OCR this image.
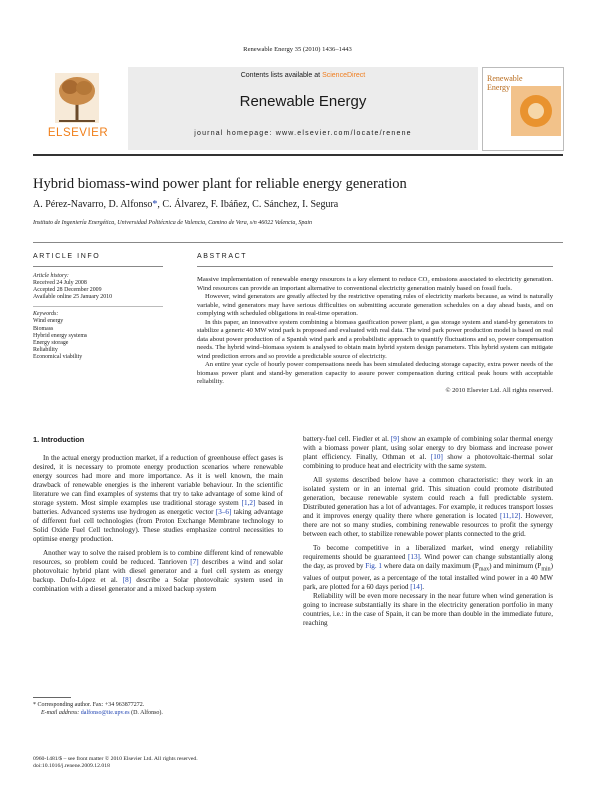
Renewable Energy 35 (2010) 1436–1443
ELSEVIER
Contents lists available at ScienceDirect
Renewable Energy
journal homepage: www.elsevier.com/locate/renene
Renewable
Energy
Hybrid biomass-wind power plant for reliable energy generation
A. Pérez-Navarro, D. Alfonso*, C. Álvarez, F. Ibáñez, C. Sánchez, I. Segura
Instituto de Ingeniería Energética, Universidad Politécnica de Valencia, Camino de Vera, s/n 46022 Valencia, Spain
ARTICLE INFO
Article history:
Received 24 July 2008
Accepted 28 December 2009
Available online 25 January 2010
Keywords:
Wind energy
Biomass
Hybrid energy systems
Energy storage
Reliability
Economical viability
ABSTRACT

Massive implementation of renewable energy resources is a key element to reduce CO₂ emissions associated to electricity generation. Wind resources can provide an important alternative to conventional electricity generation mainly based on fossil fuels.

However, wind generators are greatly affected by the restrictive operating rules of electricity markets because, as wind is naturally variable, wind generators may have serious difficulties on submitting accurate generation schedules on a day ahead basis, and on complying with scheduled obligations in real-time operation.

In this paper, an innovative system combining a biomass gasification power plant, a gas storage system and stand-by generators to stabilize a generic 40 MW wind park is proposed and evaluated with real data. The wind park power production model is based on real data about power production of a Spanish wind park and a probabilistic approach to quantify fluctuations and so, power compensation needs. The hybrid wind–biomass system is analysed to obtain main hybrid system design parameters. This hybrid system can mitigate wind prediction errors and so provide a predictable source of electricity.

An entire year cycle of hourly power compensations needs has been simulated deducing storage capacity, extra power needs of the biomass power plant and stand-by generation capacity to assure power compensation during critical peak hours with acceptable reliability.

© 2010 Elsevier Ltd. All rights reserved.
1. Introduction

In the actual energy production market, if a reduction of greenhouse effect gases is desired, it is necessary to promote energy production scenarios where renewable energy sources had more and more importance. As it is well known, the main drawback of renewable energies is the inherent variable behaviour. In the scientific literature we can find examples of systems that try to take advantage of some kind of storage system. Most simple examples use traditional storage system [1,2] based in batteries. Advanced systems use hydrogen as energetic vector [3–6] taking advantage of different fuel cell technologies (from Proton Exchange Membrane technology to Solid Oxide Fuel Cell technology). These studies emphasize control necessities to optimise energy production.

Another way to solve the raised problem is to combine different kind of renewable resources, so problem could be reduced. Tanrioven [7] describes a wind and solar photovoltaic hybrid plant with diesel generator and a fuel cell system as energy backup. Dufo-López et al. [8] describe a Solar photovoltaic system used in combination with a diesel generator and a mixed backup system

battery-fuel cell. Fiedler et al. [9] show an example of combining solar thermal energy with a biomass power plant, using solar energy to dry biomass and increase power plant efficiency. Finally, Othman et al. [10] show a photovoltaic-thermal solar combining to produce heat and electricity with the same system.

All systems described below have a common characteristic: they work in an isolated system or in an internal grid. This situation could promote distributed generation, because renewable system could reach a full predictable system. Distributed generation has a lot of advantages. For example, it reduces transport losses and it improves energy quality there where generation is located [11,12]. However, there are not so many studies, combining renewable resources to profit the synergy between each other, to stabilize renewable power plants connected to the grid.

To become competitive in a liberalized market, wind energy reliability requirements should be guaranteed [13]. Wind power can change substantially along the day, as proved by Fig. 1 where data on daily maximum $(P_{max})$ and minimum $(P_{min})$ values of output power, as a percentage of the total installed wind power in a 40 MW park, are plotted for a 60 days period [14].

Reliability will be even more necessary in the near future when wind generation is going to increase substantially its share in the electricity generation portfolio in many countries, i.e.: in the case of Spain, it can be more than double in the immediate future, reaching

* Corresponding author. Fax: +34 963877272.
E-mail address: dalfonso@iie.upv.es (D. Alfonso).
0960-1481/$ – see front matter © 2010 Elsevier Ltd. All rights reserved.
doi:10.1016/j.renene.2009.12.018
